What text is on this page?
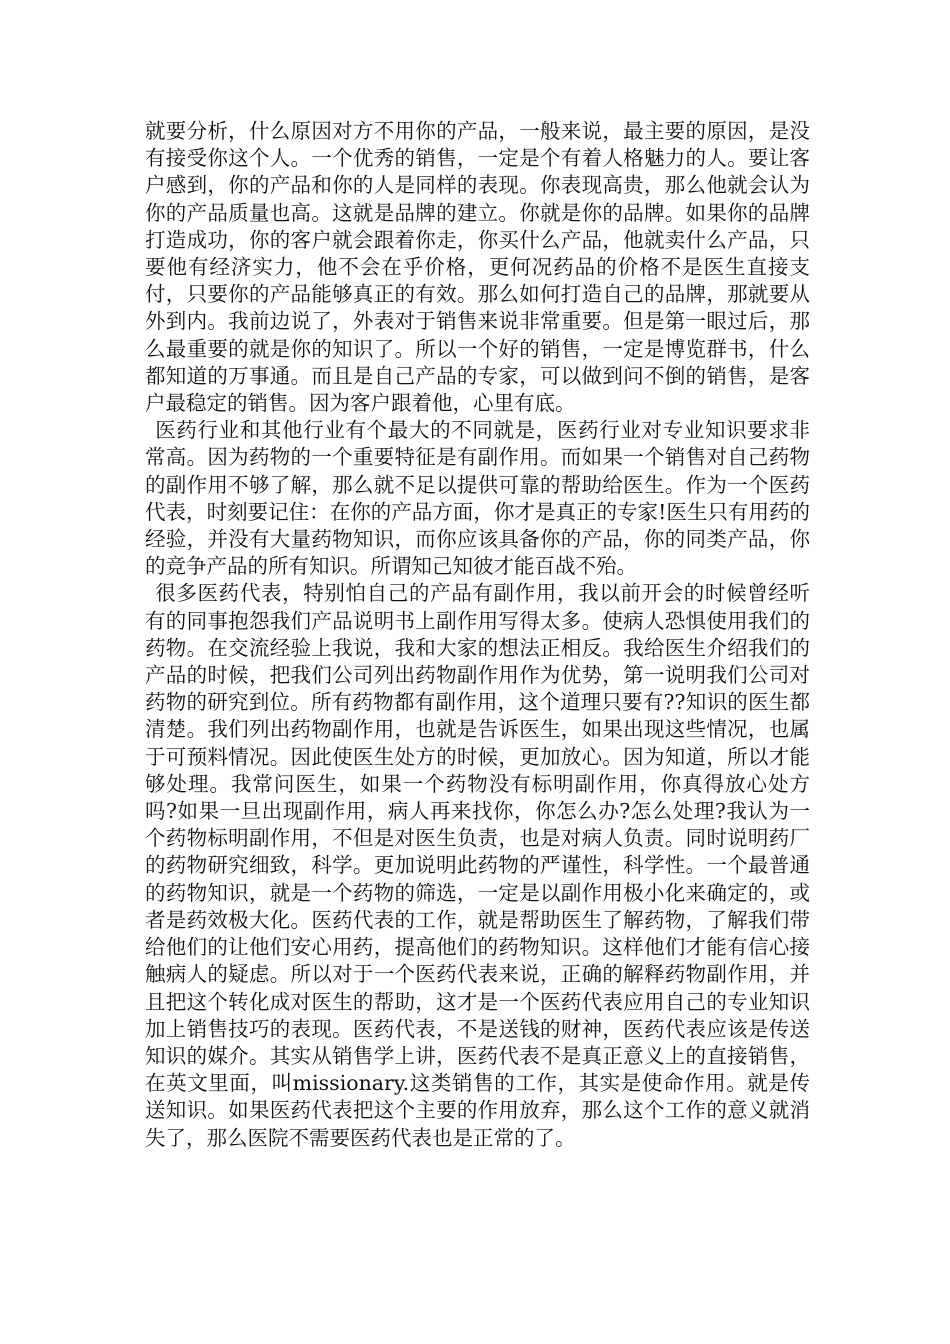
就要分析，什么原因对方不用你的产品，一般来说，最主要的原因，是没有接受你这个人。一个优秀的销售，一定是个有着人格魅力的人。要让客户感到，你的产品和你的人是同样的表现。你表现高贵，那么他就会认为你的产品质量也高。这就是品牌的建立。你就是你的品牌。如果你的品牌打造成功，你的客户就会跟着你走，你买什么产品，他就卖什么产品，只要他有经济实力，他不会在乎价格，更何况药品的价格不是医生直接支付，只要你的产品能够真正的有效。那么如何打造自己的品牌，那就要从外到内。我前边说了，外表对于销售来说非常重要。但是第一眼过后，那么最重要的就是你的知识了。所以一个好的销售，一定是博览群书，什么都知道的万事通。而且是自己产品的专家，可以做到问不倒的销售，是客户最稳定的销售。因为客户跟着他，心里有底。

医药行业和其他行业有个最大的不同就是，医药行业对专业知识要求非常高。因为药物的一个重要特征是有副作用。而如果一个销售对自己药物的副作用不够了解，那么就不足以提供可靠的帮助给医生。作为一个医药代表，时刻要记住：在你的产品方面，你才是真正的专家!医生只有用药的经验，并没有大量药物知识，而你应该具备你的产品，你的同类产品，你的竞争产品的所有知识。所谓知己知彼才能百战不殆。

很多医药代表，特别怕自己的产品有副作用，我以前开会的时候曾经听有的同事抱怨我们产品说明书上副作用写得太多。使病人恐惧使用我们的药物。在交流经验上我说，我和大家的想法正相反。我给医生介绍我们的产品的时候，把我们公司列出药物副作用作为优势，第一说明我们公司对药物的研究到位。所有药物都有副作用，这个道理只要有??知识的医生都清楚。我们列出药物副作用，也就是告诉医生，如果出现这些情况，也属于可预料情况。因此使医生处方的时候，更加放心。因为知道，所以才能够处理。我常问医生，如果一个药物没有标明副作用，你真得放心处方吗?如果一旦出现副作用，病人再来找你，你怎么办?怎么处理?我认为一个药物标明副作用，不但是对医生负责，也是对病人负责。同时说明药厂的药物研究细致，科学。更加说明此药物的严谨性，科学性。一个最普通的药物知识，就是一个药物的筛选，一定是以副作用极小化来确定的，或者是药效极大化。医药代表的工作，就是帮助医生了解药物，了解我们带给他们的让他们安心用药，提高他们的药物知识。这样他们才能有信心接触病人的疑虑。所以对于一个医药代表来说，正确的解释药物副作用，并且把这个转化成对医生的帮助，这才是一个医药代表应用自己的专业知识加上销售技巧的表现。医药代表，不是送钱的财神，医药代表应该是传送知识的媒介。其实从销售学上讲，医药代表不是真正意义上的直接销售，在英文里面，叫missionary.这类销售的工作，其实是使命作用。就是传送知识。如果医药代表把这个主要的作用放弃，那么这个工作的意义就消失了，那么医院不需要医药代表也是正常的了。
